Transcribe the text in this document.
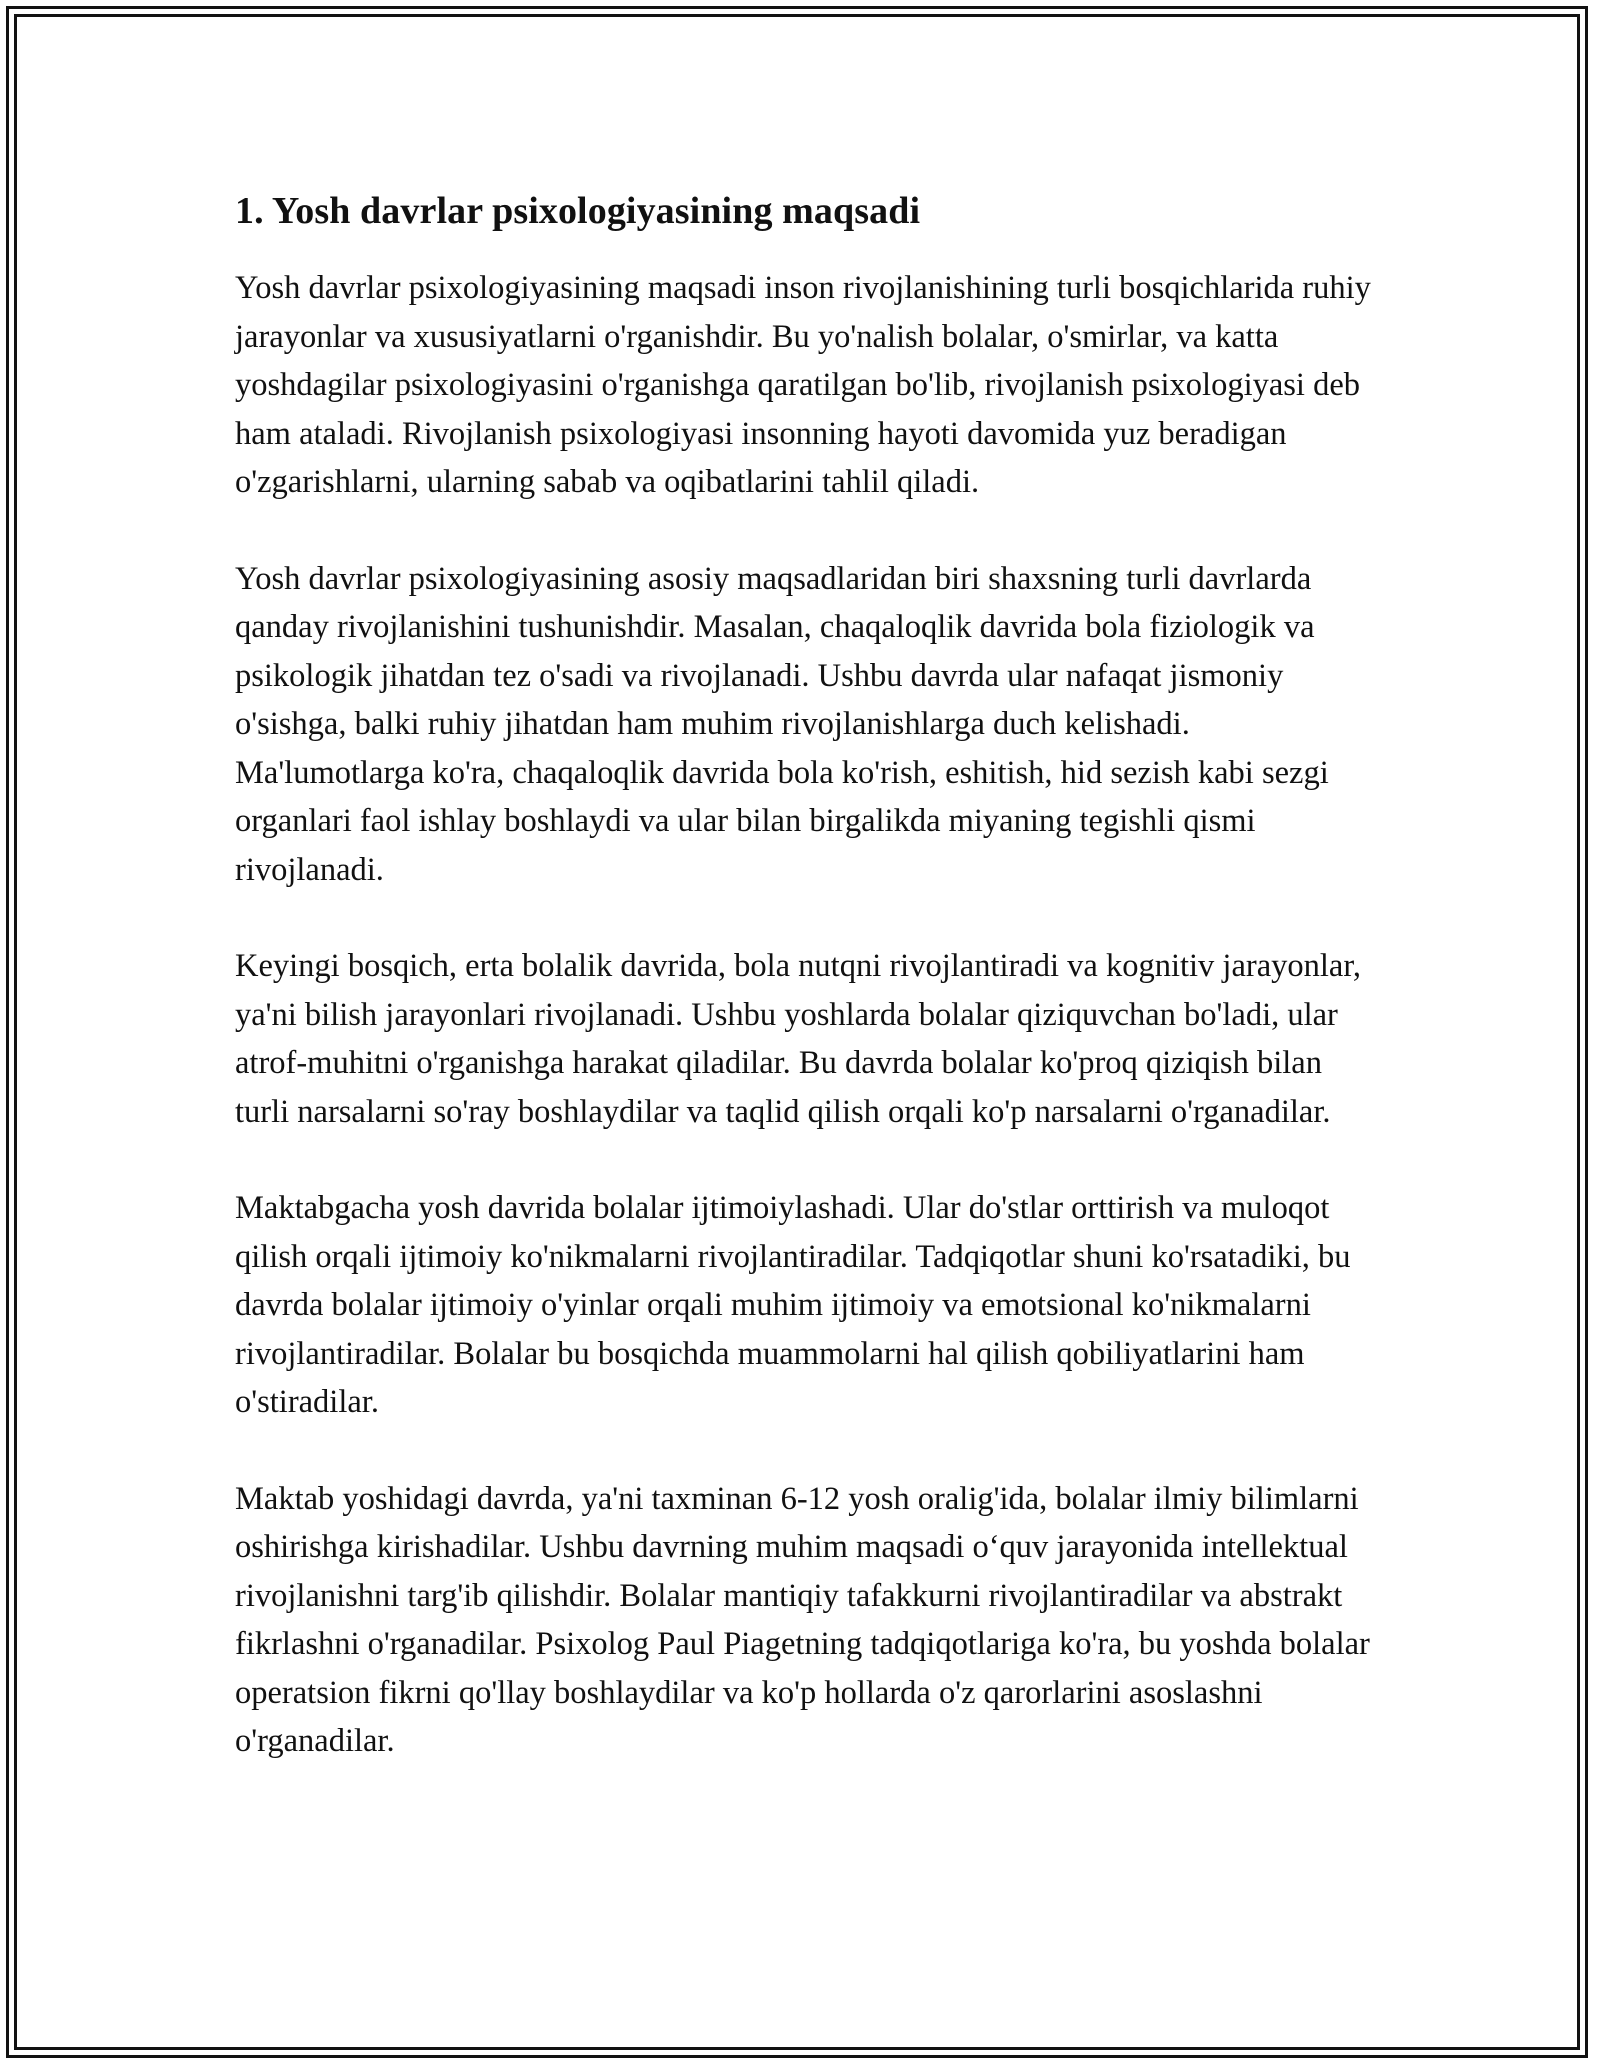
1. Yosh davrlar psixologiyasining maqsadi

Yosh davrlar psixologiyasining maqsadi inson rivojlanishining turli bosqichlarida ruhiy jarayonlar va xususiyatlarni o'rganishdir. Bu yo'nalish bolalar, o'smirlar, va katta yoshdagilar psixologiyasini o'rganishga qaratilgan bo'lib, rivojlanish psixologiyasi deb ham ataladi. Rivojlanish psixologiyasi insonning hayoti davomida yuz beradigan o'zgarishlarni, ularning sabab va oqibatlarini tahlil qiladi.

Yosh davrlar psixologiyasining asosiy maqsadlaridan biri shaxsning turli davrlarda qanday rivojlanishini tushunishdir. Masalan, chaqaloqlik davrida bola fiziologik va psikologik jihatdan tez o'sadi va rivojlanadi. Ushbu davrda ular nafaqat jismoniy o'sishga, balki ruhiy jihatdan ham muhim rivojlanishlarga duch kelishadi. Ma'lumotlarga ko'ra, chaqaloqlik davrida bola ko'rish, eshitish, hid sezish kabi sezgi organlari faol ishlay boshlaydi va ular bilan birgalikda miyaning tegishli qismi rivojlanadi.

Keyingi bosqich, erta bolalik davrida, bola nutqni rivojlantiradi va kognitiv jarayonlar, ya'ni bilish jarayonlari rivojlanadi. Ushbu yoshlarda bolalar qiziquvchan bo'ladi, ular atrof-muhitni o'rganishga harakat qiladilar. Bu davrda bolalar ko'proq qiziqish bilan turli narsalarni so'ray boshlaydilar va taqlid qilish orqali ko'p narsalarni o'rganadilar.

Maktabgacha yosh davrida bolalar ijtimoiylashadi. Ular do'stlar orttirish va muloqot qilish orqali ijtimoiy ko'nikmalarni rivojlantiradilar. Tadqiqotlar shuni ko'rsatadiki, bu davrda bolalar ijtimoiy o'yinlar orqali muhim ijtimoiy va emotsional ko'nikmalarni rivojlantiradilar. Bolalar bu bosqichda muammolarni hal qilish qobiliyatlarini ham o'stiradilar.

Maktab yoshidagi davrda, ya'ni taxminan 6-12 yosh oralig'ida, bolalar ilmiy bilimlarni oshirishga kirishadilar. Ushbu davrning muhim maqsadi o‘quv jarayonida intellektual rivojlanishni targ'ib qilishdir. Bolalar mantiqiy tafakkurni rivojlantiradilar va abstrakt fikrlashni o'rganadilar. Psixolog Paul Piagetning tadqiqotlariga ko'ra, bu yoshda bolalar operatsion fikrni qo'llay boshlaydilar va ko'p hollarda o'z qarorlarini asoslashni o'rganadilar.
